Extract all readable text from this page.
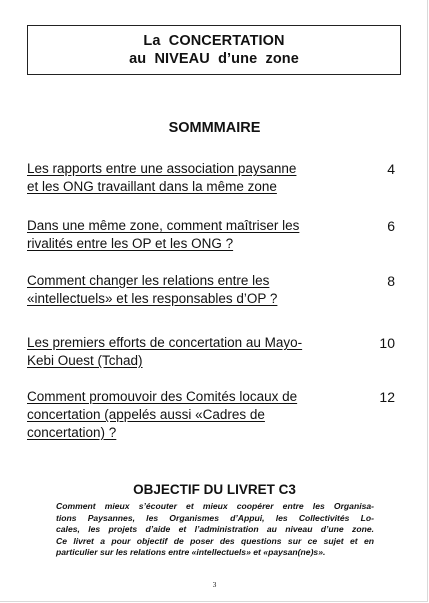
La  CONCERTATION
au  NIVEAU  d’une  zone
SOMMMAIRE
Les rapports entre une association paysanne
et les ONG travaillant dans la même zone
4
Dans une même zone, comment maîtriser les
rivalités entre les OP et les ONG ?
6
Comment changer les relations entre les
«intellectuels» et les responsables d’OP ?
8
Les premiers efforts de concertation au Mayo-
Kebi Ouest (Tchad)
10
Comment promouvoir des Comités locaux de
concertation (appelés aussi «Cadres de
concertation) ?
12
OBJECTIF DU LIVRET C3
Comment mieux s’écouter et mieux coopérer entre les Organisa-
tions Paysannes, les Organismes d’Appui, les Collectivités Lo-
cales, les projets d’aide et l’administration au niveau d’une zone.
Ce livret a pour objectif de poser des questions sur ce sujet et en
particulier sur les relations entre «intellectuels» et «paysan(ne)s».
3
